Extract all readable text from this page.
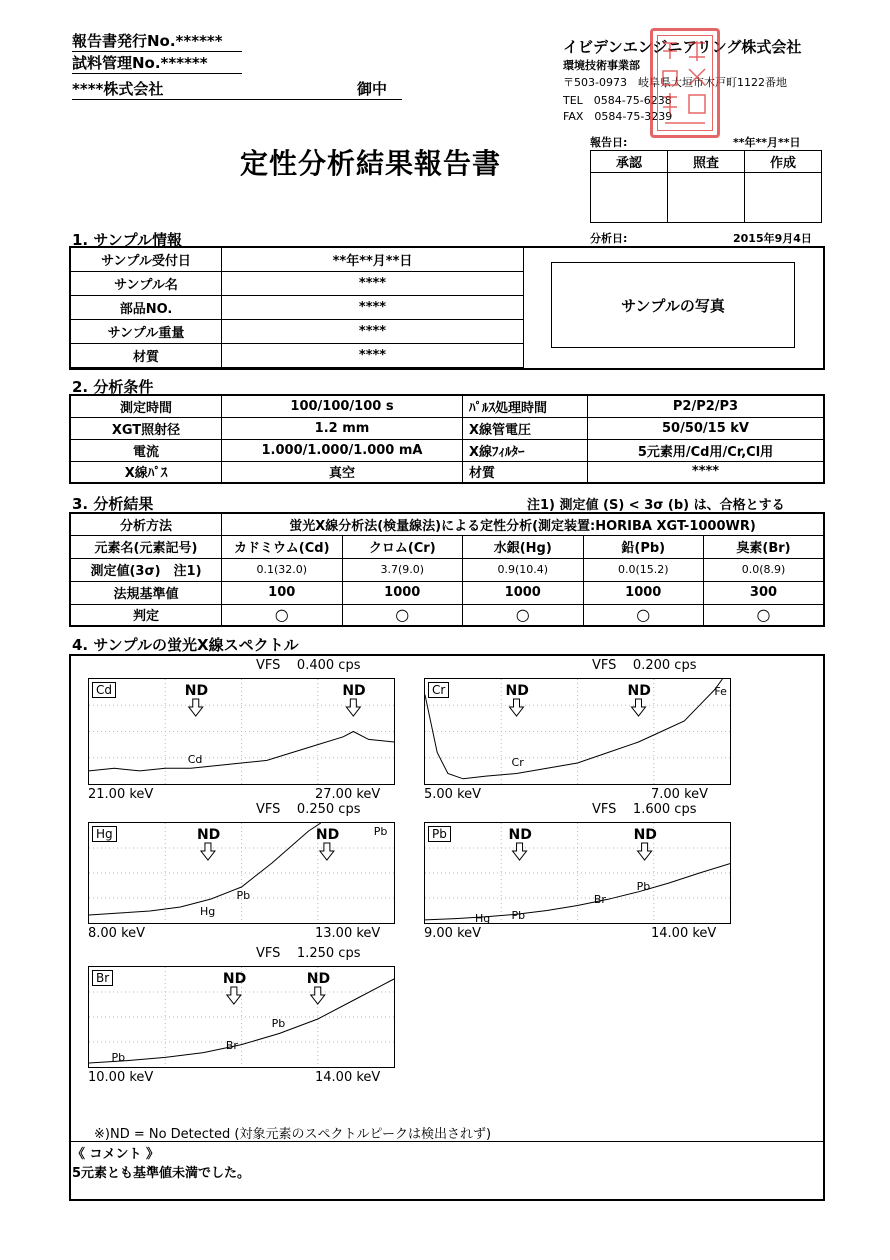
報告書発行No.******
試料管理No.******
****株式会社	御中
定性分析結果報告書
イビデンエンジニアリング株式会社
環境技術事業部
〒503-0973　岐阜県大垣市木戸町1122番地
TEL　0584-75-6238
FAX　0584-75-3239
報告日:	**年**月**日
承認	照査	作成

分析日:	2015年9月4日
1. サンプル情報
サンプル受付日	**年**月**日
サンプル名	****
部品NO.	****
サンプル重量	****
材質	****
サンプルの写真
2. 分析条件
測定時間	100/100/100 s	ﾊﾟﾙｽ処理時間	P2/P2/P3
XGT照射径	1.2 mm	X線管電圧	50/50/15 kV
電流	1.000/1.000/1.000 mA	X線ﾌｨﾙﾀｰ	5元素用/Cd用/Cr,Cl用
X線ﾊﾟｽ	真空	材質	****
3. 分析結果	注1) 測定値 (S) < 3σ (b) は、合格とする
分析方法	蛍光X線分析法(検量線法)による定性分析(測定装置:HORIBA XGT-1000WR)				
元素名(元素記号)	カドミウム(Cd)	クロム(Cr)	水銀(Hg)	鉛(Pb)	臭素(Br)
測定値(3σ)　注1)	0.1(32.0)	3.7(9.0)	0.9(10.4)	0.0(15.2)	0.0(8.9)
法規基準値	100	1000	1000	1000	300
判定	○	○	○	○	○
4. サンプルの蛍光X線スペクトル
VFS    0.400 cps
Cd	ND	ND
Cd
21.00 keV	27.00 keV
VFS    0.200 cps
Cr	ND	ND
Cr
Fe
5.00 keV	7.00 keV
VFS    0.250 cps
Hg	ND	ND
Hg
Pb
Pb
8.00 keV	13.00 keV
VFS    1.600 cps
Pb	ND	ND
Hg Pb
Br
Pb
9.00 keV	14.00 keV
VFS    1.250 cps
Br	ND	ND
Pb
Br
Pb
10.00 keV	14.00 keV
※)ND = No Detected (対象元素のスペクトルピークは検出されず)
《 コメント 》
5元素とも基準値未満でした。
